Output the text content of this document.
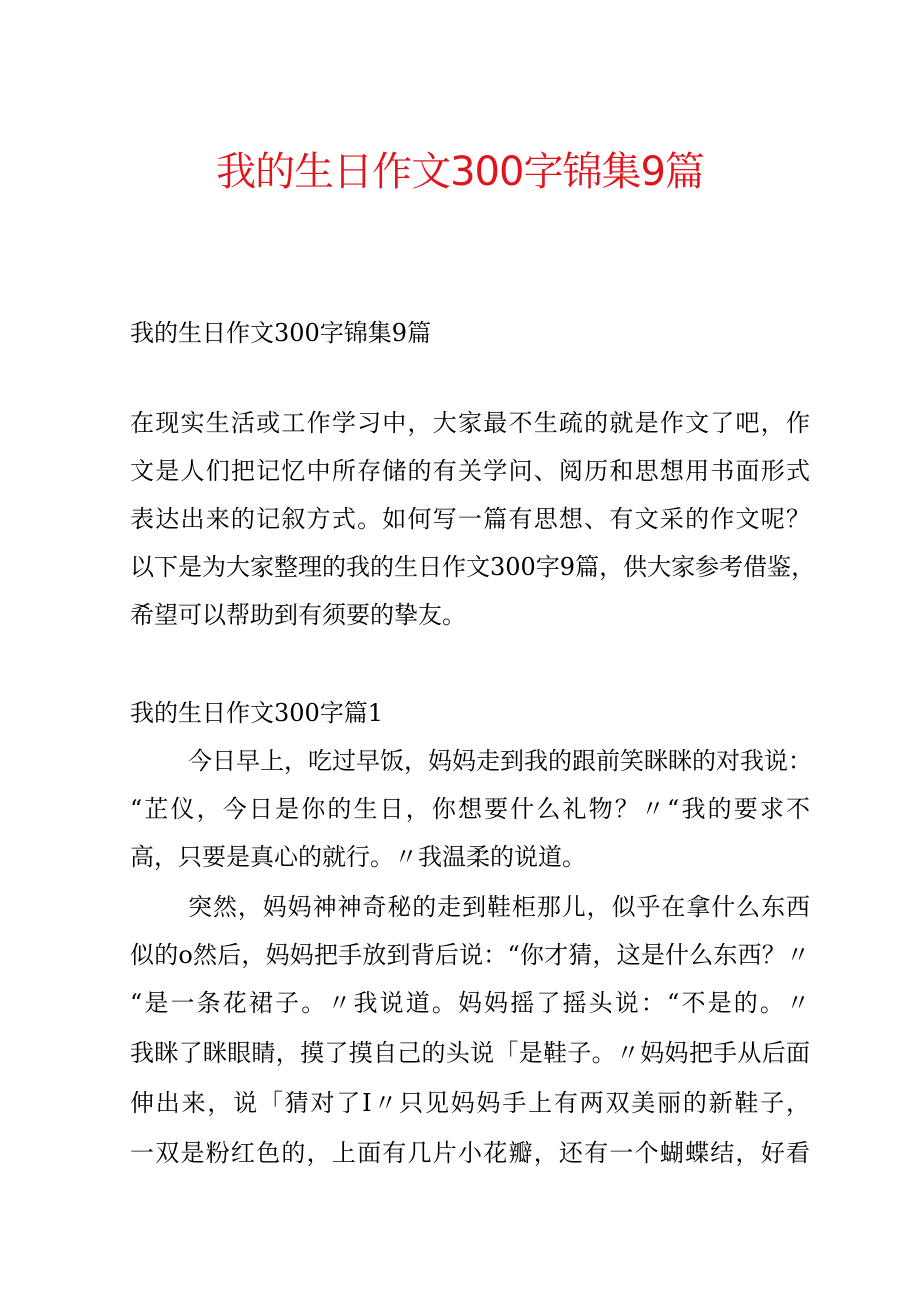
我的生日作文300字锦集9篇
我的生日作文300字锦集9篇
在现实生活或工作学习中，大家最不生疏的就是作文了吧，作
文是人们把记忆中所存储的有关学问、阅历和思想用书面形式
表达出来的记叙方式。如何写一篇有思想、有文采的作文呢？
以下是为大家整理的我的生日作文300字9篇，供大家参考借鉴，
希望可以帮助到有须要的挚友。
我的生日作文300字篇1
今日早上，吃过早饭，妈妈走到我的跟前笑眯眯的对我说：
“芷仪，今日是你的生日，你想要什么礼物？〃“我的要求不
高，只要是真心的就行。〃我温柔的说道。
突然，妈妈神神奇秘的走到鞋柜那儿，似乎在拿什么东西
似的o然后，妈妈把手放到背后说：“你才猜，这是什么东西？〃
“是一条花裙子。〃我说道。妈妈摇了摇头说：“不是的。〃
我眯了眯眼睛，摸了摸自己的头说「是鞋子。〃妈妈把手从后面
伸出来，说「猜对了I〃只见妈妈手上有两双美丽的新鞋子，
一双是粉红色的，上面有几片小花瓣，还有一个蝴蝶结，好看
